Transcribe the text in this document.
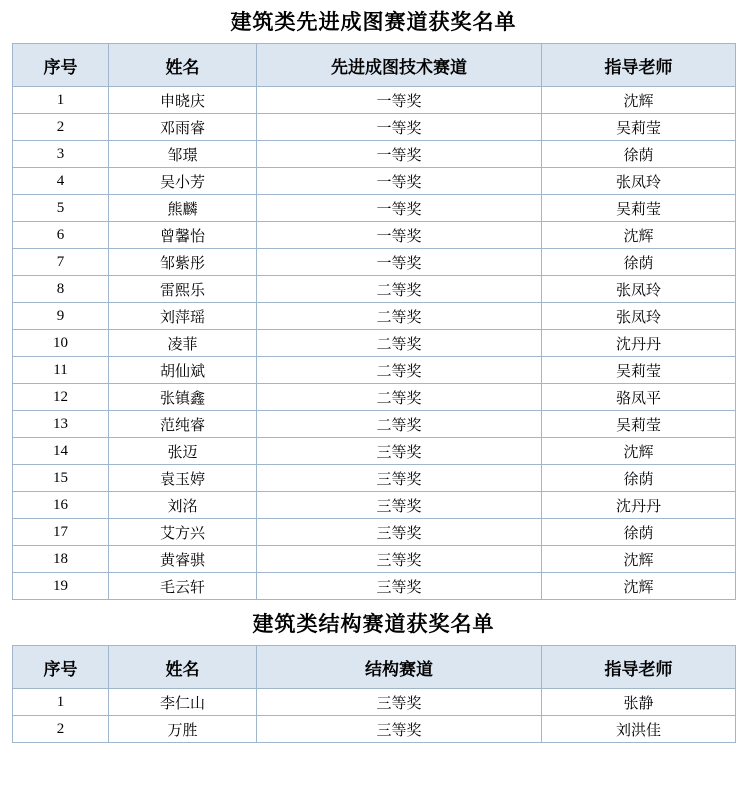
建筑类先进成图赛道获奖名单
序号	姓名	先进成图技术赛道	指导老师
1	申晓庆	一等奖	沈辉
2	邓雨睿	一等奖	吴莉莹
3	邹璟	一等奖	徐荫
4	吴小芳	一等奖	张凤玲
5	熊麟	一等奖	吴莉莹
6	曾馨怡	一等奖	沈辉
7	邹紫彤	一等奖	徐荫
8	雷熙乐	二等奖	张凤玲
9	刘萍瑶	二等奖	张凤玲
10	凌菲	二等奖	沈丹丹
11	胡仙斌	二等奖	吴莉莹
12	张镇鑫	二等奖	骆凤平
13	范纯睿	二等奖	吴莉莹
14	张迈	三等奖	沈辉
15	袁玉婷	三等奖	徐荫
16	刘洺	三等奖	沈丹丹
17	艾方兴	三等奖	徐荫
18	黄睿骐	三等奖	沈辉
19	毛云轩	三等奖	沈辉
建筑类结构赛道获奖名单
序号	姓名	结构赛道	指导老师
1	李仁山	三等奖	张静
2	万胜	三等奖	刘洪佳
